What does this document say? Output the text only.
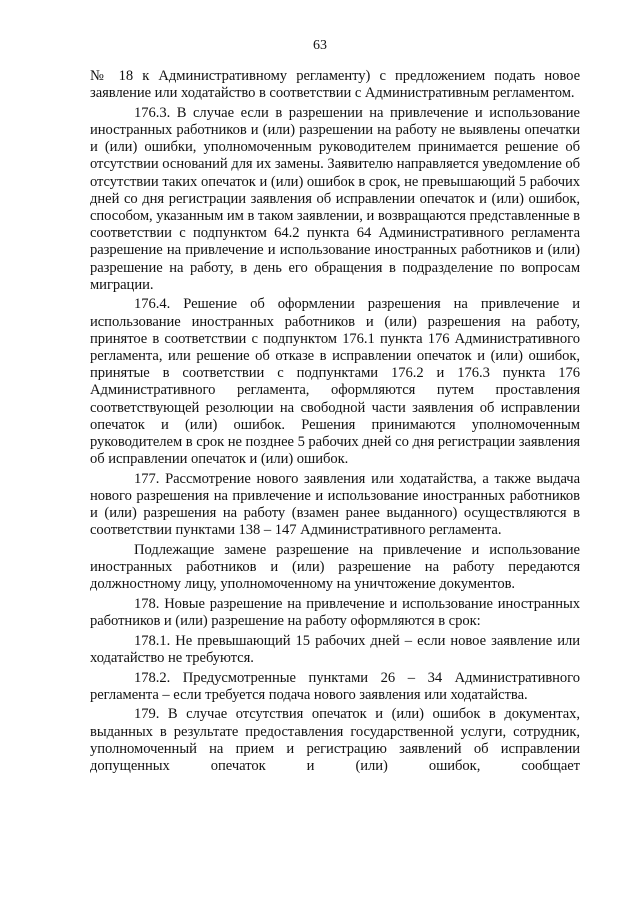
63

№ 18 к Административному регламенту) с предложением подать новое заявление или ходатайство в соответствии с Административным регламентом.

176.3. В случае если в разрешении на привлечение и использование иностранных работников и (или) разрешении на работу не выявлены опечатки и (или) ошибки, уполномоченным руководителем принимается решение об отсутствии оснований для их замены. Заявителю направляется уведомление об отсутствии таких опечаток и (или) ошибок в срок, не превышающий 5 рабочих дней со дня регистрации заявления об исправлении опечаток и (или) ошибок, способом, указанным им в таком заявлении, и возвращаются представленные в соответствии с подпунктом 64.2 пункта 64 Административного регламента разрешение на привлечение и использование иностранных работников и (или) разрешение на работу, в день его обращения в подразделение по вопросам миграции.

176.4. Решение об оформлении разрешения на привлечение и использование иностранных работников и (или) разрешения на работу, принятое в соответствии с подпунктом 176.1 пункта 176 Административного регламента, или решение об отказе в исправлении опечаток и (или) ошибок, принятые в соответствии с подпунктами 176.2 и 176.3 пункта 176 Административного регламента, оформляются путем проставления соответствующей резолюции на свободной части заявления об исправлении опечаток и (или) ошибок. Решения принимаются уполномоченным руководителем в срок не позднее 5 рабочих дней со дня регистрации заявления об исправлении опечаток и (или) ошибок.

177. Рассмотрение нового заявления или ходатайства, а также выдача нового разрешения на привлечение и использование иностранных работников и (или) разрешения на работу (взамен ранее выданного) осуществляются в соответствии пунктами 138 – 147 Административного регламента.

Подлежащие замене разрешение на привлечение и использование иностранных работников и (или) разрешение на работу передаются должностному лицу, уполномоченному на уничтожение документов.

178. Новые разрешение на привлечение и использование иностранных работников и (или) разрешение на работу оформляются в срок:

178.1. Не превышающий 15 рабочих дней – если новое заявление или ходатайство не требуются.

178.2. Предусмотренные пунктами 26 – 34 Административного регламента – если требуется подача нового заявления или ходатайства.

179. В случае отсутствия опечаток и (или) ошибок в документах, выданных в результате предоставления государственной услуги, сотрудник, уполномоченный на прием и регистрацию заявлений об исправлении допущенных опечаток и (или) ошибок, сообщает
